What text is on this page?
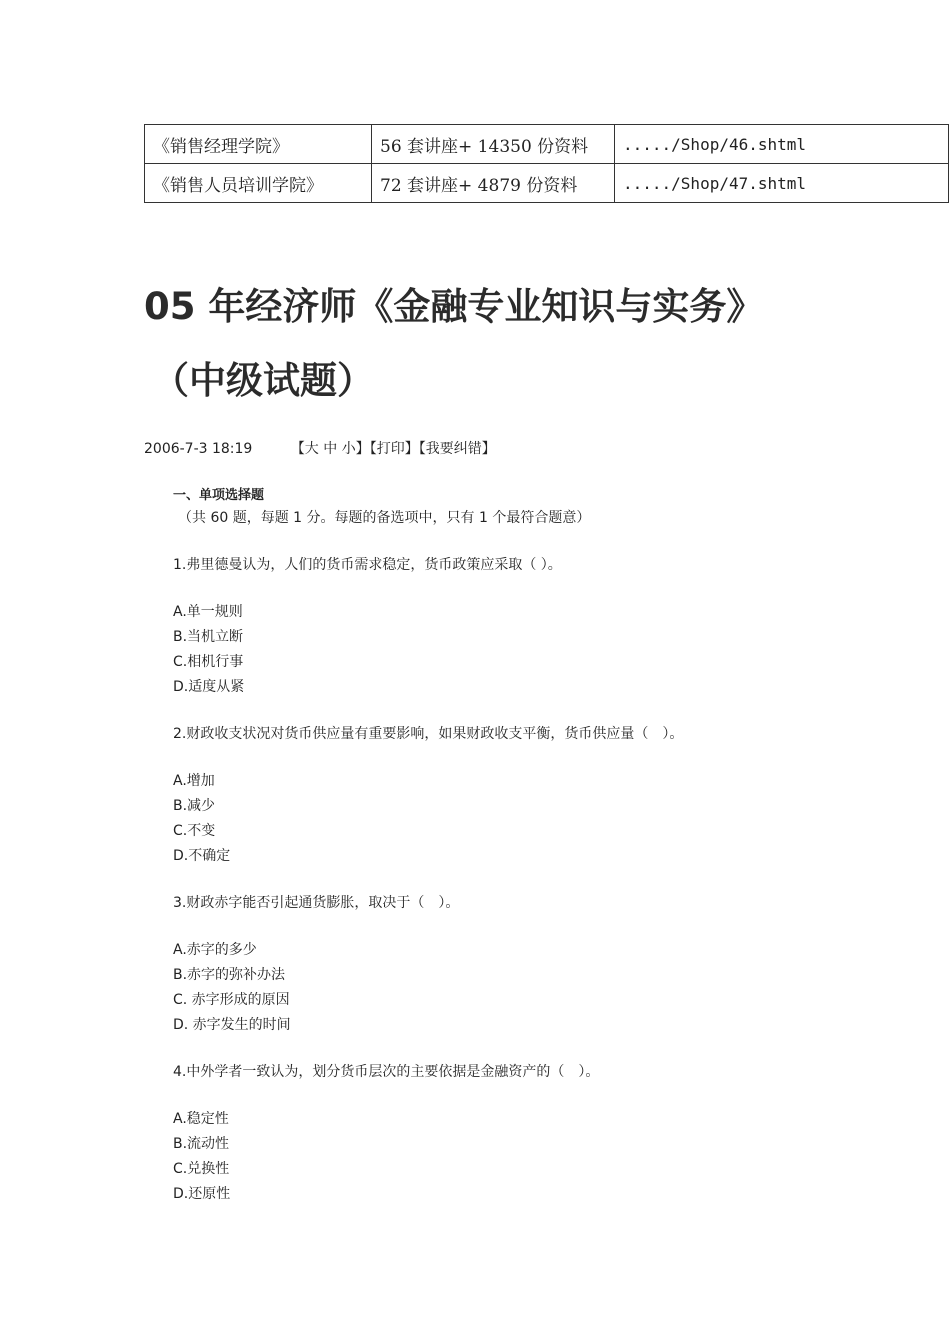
《销售经理学院》	56 套讲座+ 14350 份资料	...../Shop/46.shtml
《销售人员培训学院》	72 套讲座+ 4879 份资料	...../Shop/47.shtml
05 年经济师《金融专业知识与实务》
（中级试题）
2006-7-3 18:19	【大 中 小】【打印】【我要纠错】
一、单项选择题
（共 60 题，每题 1 分。每题的备选项中，只有 1 个最符合题意）
1.弗里德曼认为，人们的货币需求稳定，货币政策应采取（ ）。
A.单一规则
B.当机立断
C.相机行事
D.适度从紧
2.财政收支状况对货币供应量有重要影响，如果财政收支平衡，货币供应量（　）。
A.增加
B.减少
C.不变
D.不确定
3.财政赤字能否引起通货膨胀，取决于（　）。
A.赤字的多少
B.赤字的弥补办法
C. 赤字形成的原因
D. 赤字发生的时间
4.中外学者一致认为，划分货币层次的主要依据是金融资产的（　）。
A.稳定性
B.流动性
C.兑换性
D.还原性
